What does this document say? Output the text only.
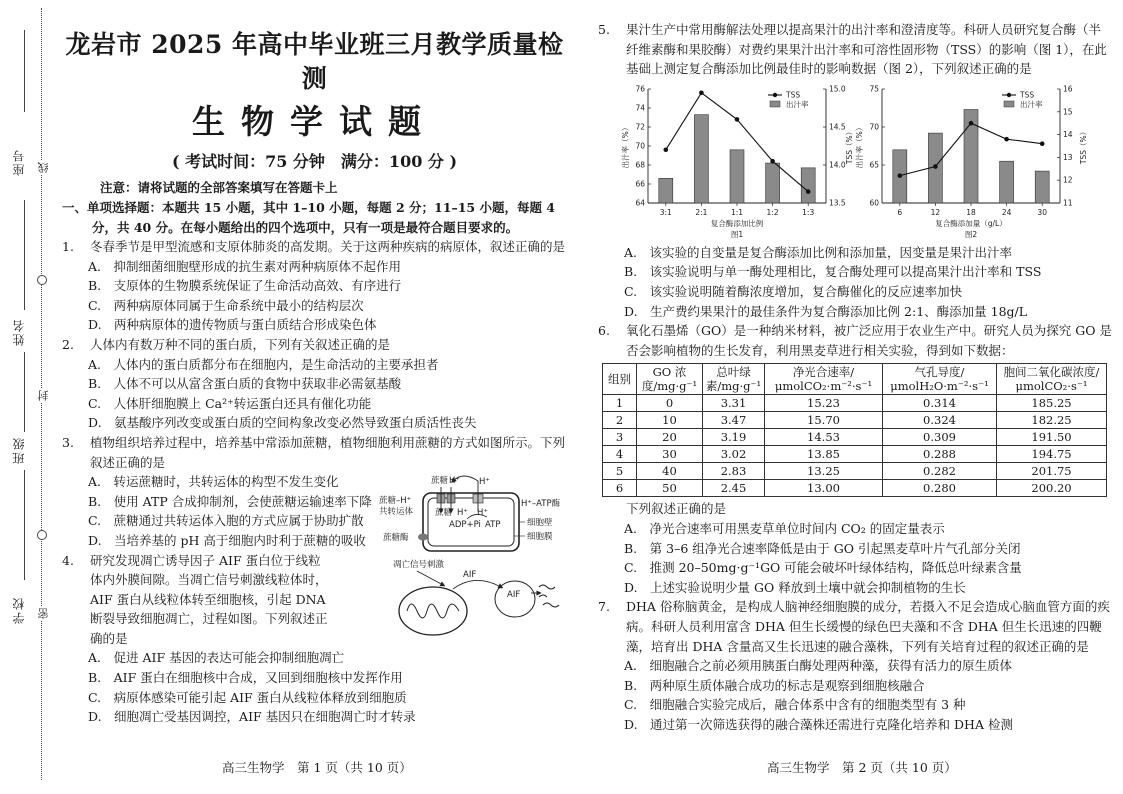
座号 线
姓名
封
班级
学校 密
龙岩市 2025 年高中毕业班三月教学质量检测
生物学试题
( 考试时间：75 分钟　满分：100 分 )
注意：请将试题的全部答案填写在答题卡上
一、单项选择题：本题共 15 小题，其中 1–10 小题，每题 2 分；11–15 小题，每题 4 分，共 40 分。在每小题给出的四个选项中，只有一项是最符合题目要求的。
1. 冬春季节是甲型流感和支原体肺炎的高发期。关于这两种疾病的病原体，叙述正确的是
A.　抑制细菌细胞壁形成的抗生素对两种病原体不起作用
B.　支原体的生物膜系统保证了生命活动高效、有序进行
C.　两种病原体同属于生命系统中最小的结构层次
D.　两种病原体的遗传物质与蛋白质结合形成染色体
2. 人体内有数万种不同的蛋白质，下列有关叙述正确的是
A.　人体内的蛋白质都分布在细胞内，是生命活动的主要承担者
B.　人体不可以从富含蛋白质的食物中获取非必需氨基酸
C.　人体肝细胞膜上 Ca²⁺转运蛋白还具有催化功能
D.　氨基酸序列改变或蛋白质的空间构象改变必然导致蛋白质活性丧失
3. 植物组织培养过程中，培养基中常添加蔗糖，植物细胞利用蔗糖的方式如图所示。下列叙述正确的是
A.　转运蔗糖时，共转运体的构型不发生变化
B.　使用 ATP 合成抑制剂，会使蔗糖运输速率下降
C.　蔗糖通过共转运体入胞的方式应属于协助扩散
D.　当培养基的 pH 高于细胞内时利于蔗糖的吸收
蔗糖 H⁺ H⁺
蔗糖–H⁺共转运体
H⁺–ATP酶
蔗糖 H⁺ H⁺
ADP+Pi ATP	细胞壁
细胞膜
蔗糖酶
4. 研究发现凋亡诱导因子 AIF 蛋白位于线粒
体内外膜间隙。当凋亡信号刺激线粒体时，
AIF 蛋白从线粒体转至细胞核，引起 DNA
断裂导致细胞凋亡，过程如图。下列叙述正
确的是
A.　促进 AIF 基因的表达可能会抑制细胞凋亡
B.　AIF 蛋白在细胞核中合成，又回到细胞核中发挥作用
C.　病原体感染可能引起 AIF 蛋白从线粒体释放到细胞质
D.　细胞凋亡受基因调控，AIF 基因只在细胞凋亡时才转录
凋亡信号刺激
AIF
AIF
5. 果汁生产中常用酶解法处理以提高果汁的出汁率和澄清度等。科研人员研究复合酶（半纤维素酶和果胶酶）对费约果果汁出汁率和可溶性固形物（TSS）的影响（图 1），在此基础上测定复合酶添加比例最佳时的影响数据（图 2），下列叙述正确的是
64
66
68
70
72
74
76
13.5
14.0
14.5
15.0
3:1	2:1	1:1	1:2	1:3
复合酶添加比例
图1
出汁率（%）	TSS（%）
TSS
出汁率
60
65
70
75
11
12
13
14
15
16
6	12	18	24	30
复合酶添加量（g/L）
图2
出汁率（%）	TSS（%）
TSS
出汁率
A.　该实验的自变量是复合酶添加比例和添加量，因变量是果汁出汁率
B.　该实验说明与单一酶处理相比，复合酶处理可以提高果汁出汁率和 TSS
C.　该实验说明随着酶浓度增加，复合酶催化的反应速率加快
D.　生产费约果果汁的最佳条件为复合酶添加比例 2:1、酶添加量 18g/L
6. 氧化石墨烯（GO）是一种纳米材料，被广泛应用于农业生产中。研究人员为探究 GO 是否会影响植物的生长发育，利用黑麦草进行相关实验，得到如下数据：
组别	GO 浓度/mg·g⁻¹	总叶绿素/mg·g⁻¹	净光合速率/μmolCO₂·m⁻²·s⁻¹	气孔导度/μmolH₂O·m⁻²·s⁻¹	胞间二氧化碳浓度/μmolCO₂·s⁻¹
1	0	3.31	15.23	0.314	185.25
2	10	3.47	15.70	0.324	182.25
3	20	3.19	14.53	0.309	191.50
4	30	3.02	13.85	0.288	194.75
5	40	2.83	13.25	0.282	201.75
6	50	2.45	13.00	0.280	200.20
下列叙述正确的是
A.　净光合速率可用黑麦草单位时间内 CO₂ 的固定量表示
B.　第 3–6 组净光合速率降低是由于 GO 引起黑麦草叶片气孔部分关闭
C.　推测 20–50mg·g⁻¹GO 可能会破坏叶绿体结构，降低总叶绿素含量
D.　上述实验说明少量 GO 释放到土壤中就会抑制植物的生长
7. DHA 俗称脑黄金，是构成人脑神经细胞膜的成分，若摄入不足会造成心脑血管方面的疾病。科研人员利用富含 DHA 但生长缓慢的绿色巴夫藻和不含 DHA 但生长迅速的四鞭藻，培育出 DHA 含量高又生长迅速的融合藻株，下列有关培育过程的叙述正确的是
A.　细胞融合之前必须用胰蛋白酶处理两种藻，获得有活力的原生质体
B.　两种原生质体融合成功的标志是观察到细胞核融合
C.　细胞融合实验完成后，融合体系中含有的细胞类型有 3 种
D.　通过第一次筛选获得的融合藻株还需进行克隆化培养和 DHA 检测
高三生物学　第 1 页（共 10 页）	高三生物学　第 2 页（共 10 页）
